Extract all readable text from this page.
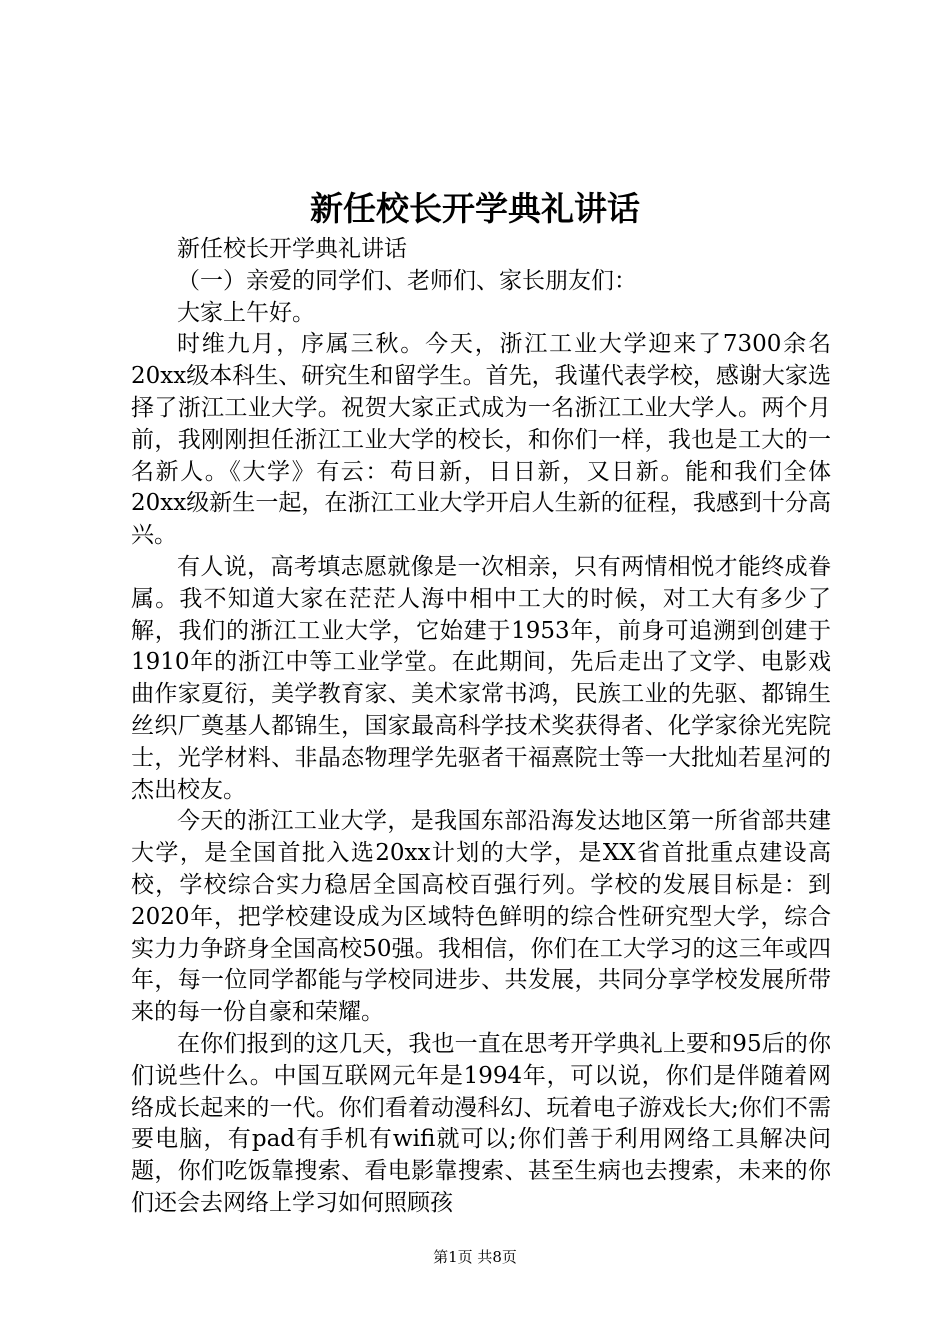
新任校长开学典礼讲话

新任校长开学典礼讲话

（一）亲爱的同学们、老师们、家长朋友们：

大家上午好。

时维九月，序属三秋。今天，浙江工业大学迎来了7300余名20xx级本科生、研究生和留学生。首先，我谨代表学校，感谢大家选择了浙江工业大学。祝贺大家正式成为一名浙江工业大学人。两个月前，我刚刚担任浙江工业大学的校长，和你们一样，我也是工大的一名新人。《大学》有云：苟日新，日日新，又日新。能和我们全体20xx级新生一起，在浙江工业大学开启人生新的征程，我感到十分高兴。

有人说，高考填志愿就像是一次相亲，只有两情相悦才能终成眷属。我不知道大家在茫茫人海中相中工大的时候，对工大有多少了解，我们的浙江工业大学，它始建于1953年，前身可追溯到创建于1910年的浙江中等工业学堂。在此期间，先后走出了文学、电影戏曲作家夏衍，美学教育家、美术家常书鸿，民族工业的先驱、都锦生丝织厂奠基人都锦生，国家最高科学技术奖获得者、化学家徐光宪院士，光学材料、非晶态物理学先驱者干福熹院士等一大批灿若星河的杰出校友。

今天的浙江工业大学，是我国东部沿海发达地区第一所省部共建大学，是全国首批入选20xx计划的大学，是XX省首批重点建设高校，学校综合实力稳居全国高校百强行列。学校的发展目标是：到2020年，把学校建设成为区域特色鲜明的综合性研究型大学，综合实力力争跻身全国高校50强。我相信，你们在工大学习的这三年或四年，每一位同学都能与学校同进步、共发展，共同分享学校发展所带来的每一份自豪和荣耀。

在你们报到的这几天，我也一直在思考开学典礼上要和95后的你们说些什么。中国互联网元年是1994年，可以说，你们是伴随着网络成长起来的一代。你们看着动漫科幻、玩着电子游戏长大;你们不需要电脑，有pad有手机有wifi就可以;你们善于利用网络工具解决问题，你们吃饭靠搜索、看电影靠搜索、甚至生病也去搜索，未来的你们还会去网络上学习如何照顾孩

第1页 共8页
